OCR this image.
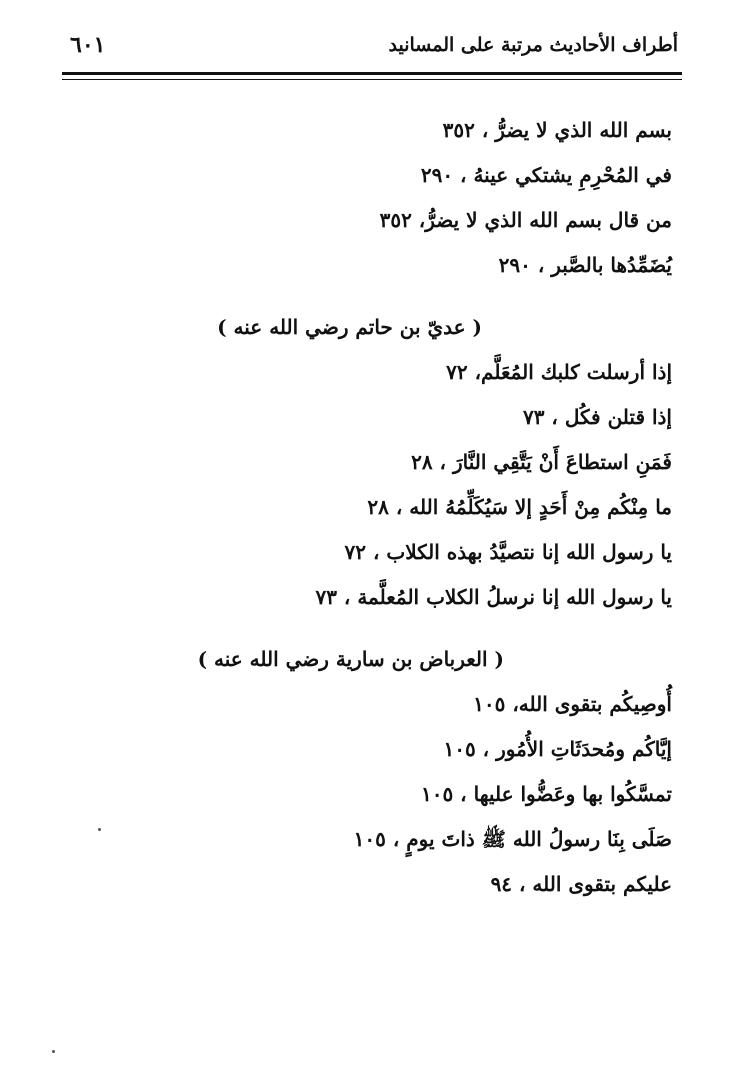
٦٠١	أطراف الأحاديث مرتبة على المسانيد
بسم الله الذي لا يضرُّ ، ٣٥٢
في المُحْرِمِ يشتكي عينهُ ، ٢٩٠
من قال بسم الله الذي لا يضرُّ، ٣٥٢
يُضَمِّدُها بالصَّبر ، ٢٩٠
( عديّ بن حاتم رضي الله عنه )
إذا أرسلت كلبك المُعَلَّم، ٧٢
إذا قتلن فكُل ، ٧٣
فَمَنِ استطاعَ أَنْ يَتَّقِي النَّارَ ، ٢٨
ما مِنْكُم مِنْ أَحَدٍ إلا سَيُكَلِّمُهُ الله ، ٢٨
يا رسول الله إنا نتصيَّدُ بهذه الكلاب ، ٧٢
يا رسول الله إنا نرسلُ الكلاب المُعلَّمة ، ٧٣
( العرباض بن سارية رضي الله عنه )
أُوصِيكُم بتقوى الله، ١٠٥
إيَّاكُم ومُحدَثَاتِ الأُمُور ، ١٠٥
تمسَّكُوا بها وعَضُّوا عليها ، ١٠٥
صَلَى بِنَا رسولُ الله ﷺ ذاتَ يومٍ ، ١٠٥
عليكم بتقوى الله ، ٩٤
